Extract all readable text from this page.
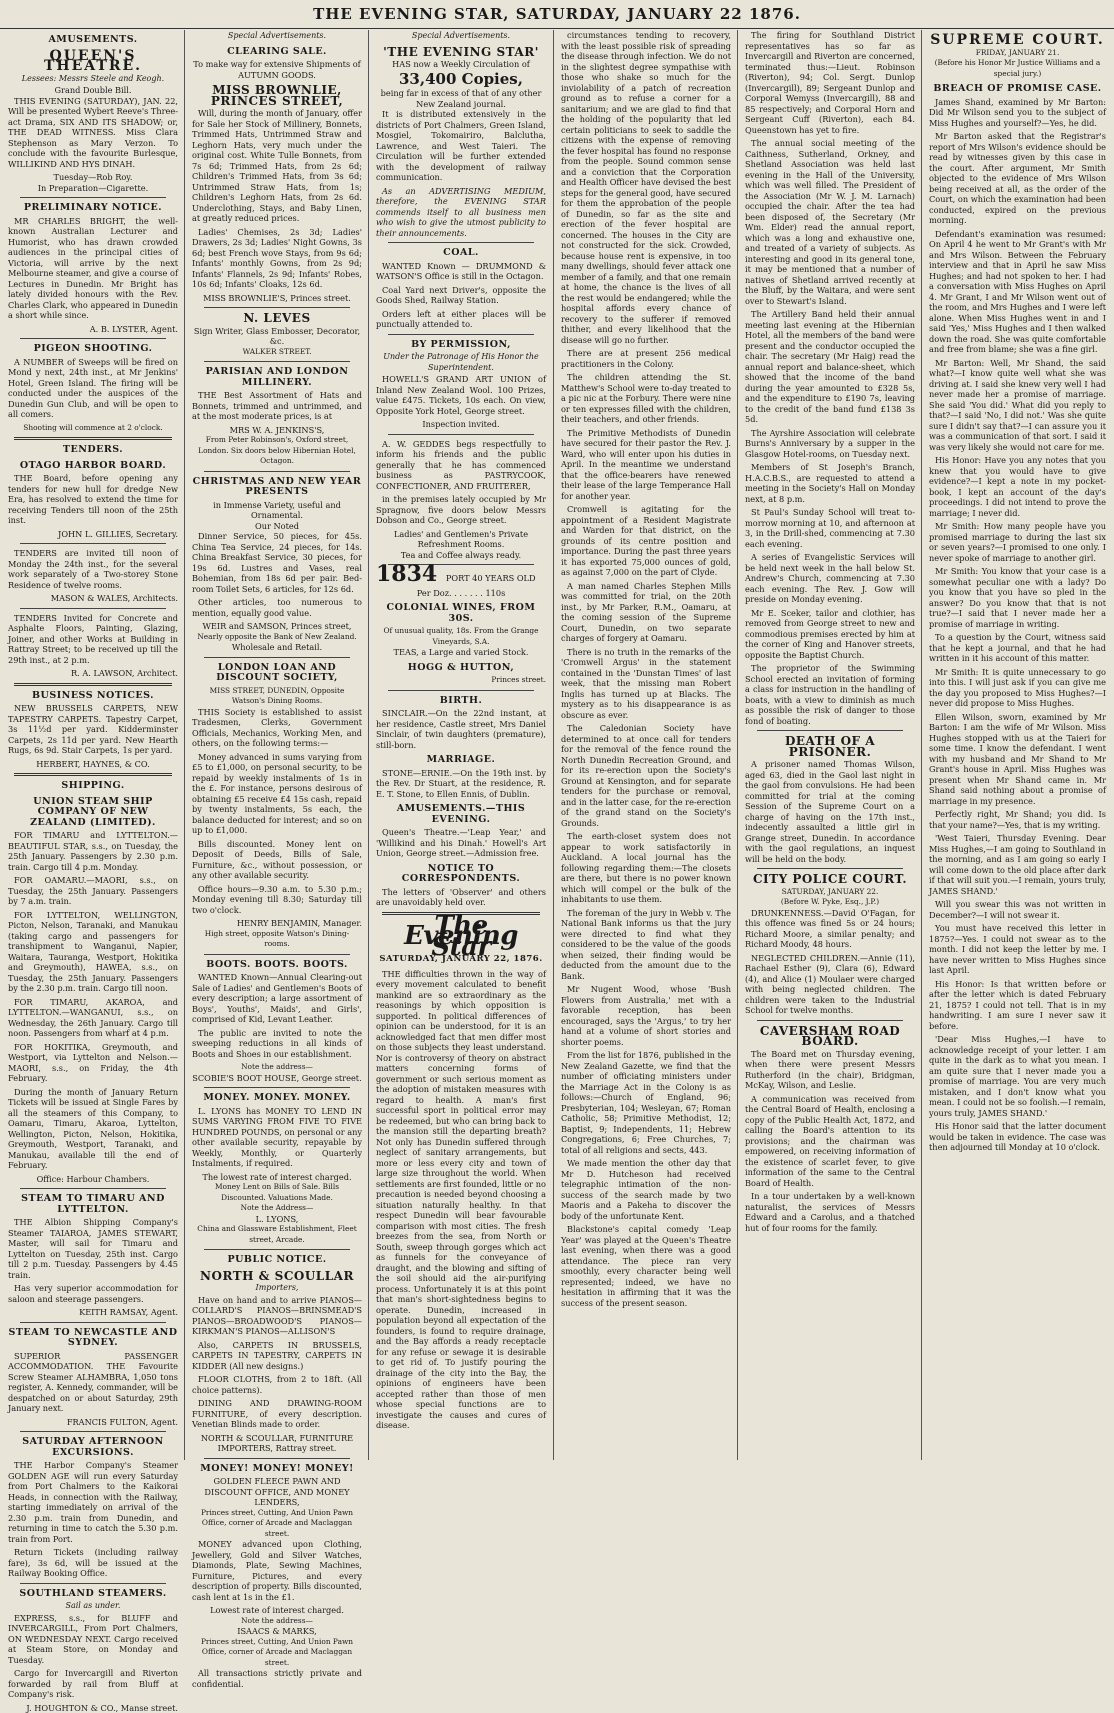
THE EVENING STAR, SATURDAY, JANUARY 22 1876.
AMUSEMENTS.
QUEEN'S THEATRE.
Lessees: Messrs Steele and Keogh.
Grand Double Bill.

THIS EVENING (SATURDAY), JAN. 22, Will be presented Wybert Reeve's Three-act Drama, SIX AND ITS SHADOW; or, THE DEAD WITNESS. Miss Clara Stephenson as Mary Verzon. To conclude with the favourite Burlesque, WILLIKIND AND HYS DINAH.

Tuesday—Rob Roy.
In Preparation—Cigarette.
PRELIMINARY NOTICE.

MR CHARLES BRIGHT, the well-known Australian Lecturer and Humorist, who has drawn crowded audiences in the principal cities of Victoria, will arrive by the next Melbourne steamer, and give a course of Lectures in Dunedin. Mr Bright has lately divided honours with the Rev. Charles Clark, who appeared in Dunedin a short while since.

A. B. LYSTER, Agent.
PIGEON SHOOTING.

A NUMBER of Sweeps will be fired on Mond y next, 24th inst., at Mr Jenkins' Hotel, Green Island. The firing will be conducted under the auspices of the Dunedin Gun Club, and will be open to all comers.

Shooting will commence at 2 o'clock.
TENDERS.
OTAGO HARBOR BOARD.

THE Board, before opening any tenders for new hull for dredge New Era, has resolved to extend the time for receiving Tenders till noon of the 25th inst.

JOHN L. GILLIES, Secretary.

TENDERS are invited till noon of Monday the 24th inst., for the several work separately of a Two-storey Stone Residence of twelve rooms.

MASON & WALES, Architects.

TENDERS Invited for Concrete and Asphalte Floors, Painting, Glazing, Joiner, and other Works at Building in Rattray Street; to be received up till the 29th inst., at 2 p.m.

R. A. LAWSON, Architect.
BUSINESS NOTICES.

NEW BRUSSELS CARPETS, NEW TAPESTRY CARPETS. Tapestry Carpet, 3s 11½d per yard. Kidderminster Carpets, 2s 11d per yard. New Hearth Rugs, 6s 9d. Stair Carpets, 1s per yard.

HERBERT, HAYNES, & CO.
SHIPPING.
UNION STEAM SHIP COMPANY OF NEW ZEALAND (LIMITED).

FOR TIMARU and LYTTELTON.—BEAUTIFUL STAR, s.s., on Tuesday, the 25th January. Passengers by 2.30 p.m. train. Cargo till 4 p.m. Monday.

FOR OAMARU.—MAORI, s.s., on Tuesday, the 25th January. Passengers by 7 a.m. train.

FOR LYTTELTON, WELLINGTON, Picton, Nelson, Taranaki, and Manukau (taking cargo and passengers for transhipment to Wanganui, Napier, Waitara, Tauranga, Westport, Hokitika and Greymouth), HAWEA, s.s., on Tuesday, the 25th January. Passengers by the 2.30 p.m. train. Cargo till noon.

FOR TIMARU, AKAROA, and LYTTELTON.—WANGANUI, s.s., on Wednesday, the 26th January. Cargo till noon. Passengers from wharf at 4 p.m.

FOR HOKITIKA, Greymouth, and Westport, via Lyttelton and Nelson.—MAORI, s.s., on Friday, the 4th February.

During the month of January Return Tickets will be issued at Single Fares by all the steamers of this Company, to Oamaru, Timaru, Akaroa, Lyttelton, Wellington, Picton, Nelson, Hokitika, Greymouth, Westport, Taranaki, and Manukau, available till the end of February.

Office: Harbour Chambers.
STEAM TO TIMARU AND LYTTELTON.

THE Albion Shipping Company's Steamer TAIAROA, JAMES STEWART, Master, will sail for Timaru and Lyttelton on Tuesday, 25th inst. Cargo till 2 p.m. Tuesday. Passengers by 4.45 train.

Has very superior accommodation for saloon and steerage passengers.

KEITH RAMSAY, Agent.
STEAM TO NEWCASTLE AND SYDNEY.

SUPERIOR PASSENGER ACCOMMODATION. THE Favourite Screw Steamer ALHAMBRA, 1,050 tons register, A. Kennedy, commander, will be despatched on or about Saturday, 29th January next.

FRANCIS FULTON, Agent.
SATURDAY AFTERNOON EXCURSIONS.

THE Harbor Company's Steamer GOLDEN AGE will run every Saturday from Port Chalmers to the Kaikorai Heads, in connection with the Railway, starting immediately on arrival of the 2.30 p.m. train from Dunedin, and returning in time to catch the 5.30 p.m. train from Port.

Return Tickets (including railway fare), 3s 6d, will be issued at the Railway Booking Office.

SOUTHLAND STEAMERS.
Sail as under.

EXPRESS, s.s., for BLUFF and INVERCARGILL, From Port Chalmers, ON WEDNESDAY NEXT. Cargo received at Steam Store, on Monday and Tuesday.

Cargo for Invercargill and Riverton forwarded by rail from Bluff at Company's risk.

J. HOUGHTON & CO., Manse street.
Special Advertisements.
CLEARING SALE.
To make way for extensive Shipments of AUTUMN GOODS.
MISS BROWNLIE, PRINCES STREET,

Will, during the month of January, offer for Sale her Stock of Millinery, Bonnets, Trimmed Hats, Untrimmed Straw and Leghorn Hats, very much under the original cost. White Tulle Bonnets, from 7s 6d; Trimmed Hats, from 2s 6d; Children's Trimmed Hats, from 3s 6d; Untrimmed Straw Hats, from 1s; Children's Leghorn Hats, from 2s 6d. Underclothing, Stays, and Baby Linen, at greatly reduced prices.

Ladies' Chemises, 2s 3d; Ladies' Drawers, 2s 3d; Ladies' Night Gowns, 3s 6d; best French wove Stays, from 9s 6d; Infants' monthly Gowns, from 2s 9d; Infants' Flannels, 2s 9d; Infants' Robes, 10s 6d; Infants' Cloaks, 12s 6d.

MISS BROWNLIE'S, Princes street.
N. LEVES
Sign Writer, Glass Embosser, Decorator, &c.
WALKER STREET.
PARISIAN AND LONDON MILLINERY.

THE Best Assortment of Hats and Bonnets, trimmed and untrimmed, and at the most moderate prices, is at

MRS W. A. JENKINS'S,
From Peter Robinson's, Oxford street, London. Six doors below Hibernian Hotel, Octagon.
CHRISTMAS AND NEW YEAR PRESENTS
in Immense Variety, useful and Ornamental.
Our Noted

Dinner Service, 50 pieces, for 45s. China Tea Service, 24 pieces, for 14s. China Breakfast Service, 30 pieces, for 19s 6d. Lustres and Vases, real Bohemian, from 18s 6d per pair. Bed-room Toilet Sets, 6 articles, for 12s 6d.

Other articles, too numerous to mention, equally good value.

WEIR and SAMSON, Princes street,
Nearly opposite the Bank of New Zealand.
Wholesale and Retail.
LONDON LOAN AND DISCOUNT SOCIETY,
MISS STREET, DUNEDIN, Opposite Watson's Dining Rooms.

THIS Society is established to assist Tradesmen, Clerks, Government Officials, Mechanics, Working Men, and others, on the following terms:—

Money advanced in sums varying from £5 to £1,000, on personal security, to be repaid by weekly instalments of 1s in the £. For instance, persons desirous of obtaining £5 receive £4 15s cash, repaid by twenty instalments, 5s each, the balance deducted for interest; and so on up to £1,000.

Bills discounted. Money lent on Deposit of Deeds, Bills of Sale, Furniture, &c., without possession, or any other available security.

Office hours—9.30 a.m. to 5.30 p.m.; Monday evening till 8.30; Saturday till two o'clock.

HENRY BENJAMIN, Manager.
High street, opposite Watson's Dining-rooms.
BOOTS. BOOTS. BOOTS.

WANTED Known—Annual Clearing-out Sale of Ladies' and Gentlemen's Boots of every description; a large assortment of Boys', Youths', Maids', and Girls', comprised of Kid, Levant Leather.

The public are invited to note the sweeping reductions in all kinds of Boots and Shoes in our establishment.

Note the address—
SCOBIE'S BOOT HOUSE, George street.
MONEY. MONEY. MONEY.

L. LYONS has MONEY TO LEND IN SUMS VARYING FROM FIVE TO FIVE HUNDRED POUNDS, on personal or any other available security, repayable by Weekly, Monthly, or Quarterly Instalments, if required.

The lowest rate of interest charged.
Money Lent on Bills of Sale. Bills Discounted. Valuations Made.
Note the Address—
L. LYONS,
China and Glassware Establishment, Fleet street, Arcade.
PUBLIC NOTICE.
NORTH & SCOULLAR
Importers,

Have on hand and to arrive PIANOS—COLLARD'S PIANOS—BRINSMEAD'S PIANOS—BROADWOOD'S PIANOS—KIRKMAN'S PIANOS—ALLISON'S

Also, CARPETS IN BRUSSELS, CARPETS IN TAPESTRY, CARPETS IN KIDDER (All new designs.)

FLOOR CLOTHS, from 2 to 18ft. (All choice patterns).

DINING AND DRAWING-ROOM FURNITURE, of every description. Venetian Blinds made to order.

NORTH & SCOULLAR, FURNITURE IMPORTERS, Rattray street.
MONEY! MONEY! MONEY!
GOLDEN FLEECE PAWN AND DISCOUNT OFFICE, AND MONEY LENDERS,
Princes street, Cutting, And Union Pawn Office, corner of Arcade and Maclaggan street.

MONEY advanced upon Clothing, Jewellery, Gold and Silver Watches, Diamonds, Plate, Sewing Machines, Furniture, Pictures, and every description of property. Bills discounted, cash lent at 1s in the £1.

Lowest rate of interest charged.
Note the address—
ISAACS & MARKS,
Princes street, Cutting, And Union Pawn Office, corner of Arcade and Maclaggan street.

All transactions strictly private and confidential.

Special Advertisements.
'THE EVENING STAR'
HAS now a Weekly Circulation of
33,400 Copies,
being far in excess of that of any other New Zealand journal.

It is distributed extensively in the districts of Port Chalmers, Green Island, Mosgiel, Tokomairiro, Balclutha, Lawrence, and West Taieri. The Circulation will be further extended with the development of railway communication.

As an ADVERTISING MEDIUM, therefore, the EVENING STAR commends itself to all business men who wish to give the utmost publicity to their announcements.

COAL.

WANTED Known — DRUMMOND & WATSON'S Office is still in the Octagon.

Coal Yard next Driver's, opposite the Goods Shed, Railway Station.

Orders left at either places will be punctually attended to.

BY PERMISSION,
Under the Patronage of His Honor the Superintendent.

HOWELL'S GRAND ART UNION of Inland New Zealand Wool. 100 Prizes, value £475. Tickets, 10s each. On view, Opposite York Hotel, George street.

Inspection invited.

A. W. GEDDES begs respectfully to inform his friends and the public generally that he has commenced business as PASTRYCOOK, CONFECTIONER, AND FRUITERER,

in the premises lately occupied by Mr Spragnow, five doors below Messrs Dobson and Co., George street.

Ladies' and Gentlemen's Private Refreshment Rooms.
Tea and Coffee always ready.
1834 PORT 40 YEARS OLD
Per Doz. . . . . . . 110s
COLONIAL WINES, FROM 30S.
Of unusual quality, 18s. From the Grange Vineyards, S.A.
TEAS, a Large and varied Stock.
HOGG & HUTTON,
Princes street.
BIRTH.

SINCLAIR.—On the 22nd instant, at her residence, Castle street, Mrs Daniel Sinclair, of twin daughters (premature), still-born.

MARRIAGE.

STONE—ERNIE.—On the 19th inst. by the Rev. Dr Stuart, at the residence, R. E. T. Stone, to Ellen Ennis, of Dublin.

AMUSEMENTS.—THIS EVENING.

Queen's Theatre.—'Leap Year,' and 'Willikind and his Dinah.' Howell's Art Union, George street.—Admission free.

NOTICE TO CORRESPONDENTS.

The letters of 'Observer' and others are unavoidably held over.

The Evening Star
SATURDAY, JANUARY 22, 1876.

THE difficulties thrown in the way of every movement calculated to benefit mankind are so extraordinary as the reasonings by which opposition is supported. In political differences of opinion can be understood, for it is an acknowledged fact that men differ most on those subjects they least understand. Nor is controversy of theory on abstract matters concerning forms of government or such serious moment as the adoption of mistaken measures with regard to health. A man's first successful sport in political error may be redeemed, but who can bring back to the mansion still the departing breath? Not only has Dunedin suffered through neglect of sanitary arrangements, but more or less every city and town of large size throughout the world. When settlements are first founded, little or no precaution is needed beyond choosing a situation naturally healthy. In that respect Dunedin will bear favourable comparison with most cities. The fresh breezes from the sea, from North or South, sweep through gorges which act as funnels for the conveyance of draught, and the blowing and sifting of the soil should aid the air-purifying process. Unfortunately it is at this point that man's short-sightedness begins to operate. Dunedin, increased in population beyond all expectation of the founders, is found to require drainage, and the Bay affords a ready receptacle for any refuse or sewage it is desirable to get rid of. To justify pouring the drainage of the city into the Bay, the opinions of engineers have been accepted rather than those of men whose special functions are to investigate the causes and cures of disease.

circumstances tending to recovery, with the least possible risk of spreading the disease through infection. We do not in the slightest degree sympathise with those who shake so much for the inviolability of a patch of recreation ground as to refuse a corner for a sanitarium; and we are glad to find that the holding of the popularity that led certain politicians to seek to saddle the citizens with the expense of removing the fever hospital has found no response from the people. Sound common sense and a conviction that the Corporation and Health Officer have devised the best steps for the general good, have secured for them the approbation of the people of Dunedin, so far as the site and erection of the fever hospital are concerned. The houses in the City are not constructed for the sick. Crowded, because house rent is expensive, in too many dwellings, should fever attack one member of a family, and that one remain at home, the chance is the lives of all the rest would be endangered; while the hospital affords every chance of recovery to the sufferer if removed thither, and every likelihood that the disease will go no further.

There are at present 256 medical practitioners in the Colony.

The children attending the St. Matthew's School were to-day treated to a pic nic at the Forbury. There were nine or ten expresses filled with the children, their teachers, and other friends.

The Primitive Methodists of Dunedin have secured for their pastor the Rev. J. Ward, who will enter upon his duties in April. In the meantime we understand that the office-bearers have renewed their lease of the large Temperance Hall for another year.

Cromwell is agitating for the appointment of a Resident Magistrate and Warden for that district, on the grounds of its centre position and importance. During the past three years it has exported 75,000 ounces of gold, as against 7,000 on the part of Clyde.

A man named Charles Stephen Mills was committed for trial, on the 20th inst., by Mr Parker, R.M., Oamaru, at the coming session of the Supreme Court, Dunedin, on two separate charges of forgery at Oamaru.

There is no truth in the remarks of the 'Cromwell Argus' in the statement contained in the 'Dunstan Times' of last week, that the missing man Robert Inglis has turned up at Blacks. The mystery as to his disappearance is as obscure as ever.

The Caledonian Society have determined to at once call for tenders for the removal of the fence round the North Dunedin Recreation Ground, and for its re-erection upon the Society's Ground at Kensington, and for separate tenders for the purchase or removal, and in the latter case, for the re-erection of the grand stand on the Society's Grounds.

The earth-closet system does not appear to work satisfactorily in Auckland. A local journal has the following regarding them:—The closets are there, but there is no power known which will compel or the bulk of the inhabitants to use them.

The foreman of the jury in Webb v. The National Bank informs us that the jury were directed to find what they considered to be the value of the goods when seized, their finding would be deducted from the amount due to the Bank.

Mr Nugent Wood, whose 'Bush Flowers from Australia,' met with a favorable reception, has been encouraged, says the 'Argus,' to try her hand at a volume of short stories and shorter poems.

From the list for 1876, published in the New Zealand Gazette, we find that the number of officiating ministers under the Marriage Act in the Colony is as follows:—Church of England, 96; Presbyterian, 104; Wesleyan, 67; Roman Catholic, 58; Primitive Methodist, 12; Baptist, 9; Independents, 11; Hebrew Congregations, 6; Free Churches, 7; total of all religions and sects, 443.

We made mention the other day that Mr D. Hutcheson had received telegraphic intimation of the non-success of the search made by two Maoris and a Pakeha to discover the body of the unfortunate Kent.

Blackstone's capital comedy 'Leap Year' was played at the Queen's Theatre last evening, when there was a good attendance. The piece ran very smoothly, every character being well represented; indeed, we have no hesitation in affirming that it was the success of the present season.

The firing for Southland District representatives has so far as Invercargill and Riverton are concerned, terminated thus:—Lieut. Robinson (Riverton), 94; Col. Sergt. Dunlop (Invercargill), 89; Sergeant Dunlop and Corporal Wemyss (Invercargill), 88 and 85 respectively; and Corporal Horn and Sergeant Cuff (Riverton), each 84. Queenstown has yet to fire.

The annual social meeting of the Caithness, Sutherland, Orkney, and Shetland Association was held last evening in the Hall of the University, which was well filled. The President of the Association (Mr W. J. M. Larnach) occupied the chair. After the tea had been disposed of, the Secretary (Mr Wm. Elder) read the annual report, which was a long and exhaustive one, and treated of a variety of subjects. As interesting and good in its general tone, it may be mentioned that a number of natives of Shetland arrived recently at the Bluff, by the Waitara, and were sent over to Stewart's Island.

The Artillery Band held their annual meeting last evening at the Hibernian Hotel, all the members of the band were present and the conductor occupied the chair. The secretary (Mr Haig) read the annual report and balance-sheet, which showed that the income of the band during the year amounted to £328 5s, and the expenditure to £190 7s, leaving to the credit of the band fund £138 3s 5d.

The Ayrshire Association will celebrate Burns's Anniversary by a supper in the Glasgow Hotel-rooms, on Tuesday next.

Members of St Joseph's Branch, H.A.C.B.S., are requested to attend a meeting in the Society's Hall on Monday next, at 8 p.m.

St Paul's Sunday School will treat to-morrow morning at 10, and afternoon at 3, in the Drill-shed, commencing at 7.30 each evening.

A series of Evangelistic Services will be held next week in the hall below St. Andrew's Church, commencing at 7.30 each evening. The Rev. J. Gow will preside on Monday evening.

Mr E. Sceker, tailor and clothier, has removed from George street to new and commodious premises erected by him at the corner of King and Hanover streets, opposite the Baptist Church.

The proprietor of the Swimming School erected an invitation of forming a class for instruction in the handling of boats, with a view to diminish as much as possible the risk of danger to those fond of boating.

DEATH OF A PRISONER.

A prisoner named Thomas Wilson, aged 63, died in the Gaol last night in the gaol from convulsions. He had been committed for trial at the coming Session of the Supreme Court on a charge of having on the 17th inst., indecently assaulted a little girl in Grange street, Dunedin. In accordance with the gaol regulations, an inquest will be held on the body.

CITY POLICE COURT.
SATURDAY, JANUARY 22.
(Before W. Pyke, Esq., J.P.)

DRUNKENNESS.—David O'Fagan, for this offence was fined 5s or 24 hours; Richard Moore, a similar penalty; and Richard Moody, 48 hours.

NEGLECTED CHILDREN.—Annie (11), Rachael Esther (9), Clara (6), Edward (4), and Alice (1) Moulaer were charged with being neglected children. The children were taken to the Industrial School for twelve months.

CAVERSHAM ROAD BOARD.

The Board met on Thursday evening, when there were present Messrs Rutherford (in the chair), Bridgman, McKay, Wilson, and Leslie.

A communication was received from the Central Board of Health, enclosing a copy of the Public Health Act, 1872, and calling the Board's attention to its provisions; and the chairman was empowered, on receiving information of the existence of scarlet fever, to give information of the same to the Central Board of Health.

In a tour undertaken by a well-known naturalist, the services of Messrs Edward and a Carolus, and a thatched hut of four rooms for the family.

SUPREME COURT.
FRIDAY, JANUARY 21.
(Before his Honor Mr Justice Williams and a special jury.)
BREACH OF PROMISE CASE.

James Shand, examined by Mr Barton: Did Mr Wilson send you to the subject of Miss Hughes and yourself?—Yes, he did.

Mr Barton asked that the Registrar's report of Mrs Wilson's evidence should be read by witnesses given by this case in the court. After argument, Mr Smith objected to the evidence of Mrs Wilson being received at all, as the order of the Court, on which the examination had been conducted, expired on the previous morning.

Defendant's examination was resumed: On April 4 he went to Mr Grant's with Mr and Mrs Wilson. Between the February interview and that in April he saw Miss Hughes; and had not spoken to her. I had a conversation with Miss Hughes on April 4. Mr Grant, I and Mr Wilson went out of the room, and Mrs Hughes and I were left alone. When Miss Hughes went in and I said 'Yes,' Miss Hughes and I then walked down the road. She was quite comfortable and free from blame; she was a fine girl.

Mr Barton: Well, Mr Shand, the said what?—I know quite well what she was driving at. I said she knew very well I had never made her a promise of marriage. She said 'You did.' What did you reply to that?—I said 'No, I did not.' Was she quite sure I didn't say that?—I can assure you it was a communication of that sort. I said it was very likely she would not care for me.

His Honor: Have you any notes that you knew that you would have to give evidence?—I kept a note in my pocket-book, I kept an account of the day's proceedings. I did not intend to prove the marriage; I never did.

Mr Smith: How many people have you promised marriage to during the last six or seven years?—I promised to one only. I never spoke of marriage to another girl.

Mr Smith: You know that your case is a somewhat peculiar one with a lady? Do you know that you have so pled in the answer? Do you know that that is not true?—I said that I never made her a promise of marriage in writing.

To a question by the Court, witness said that he kept a journal, and that he had written in it his account of this matter.

Mr Smith: It is quite unnecessary to go into this. I will just ask if you can give me the day you proposed to Miss Hughes?—I never did propose to Miss Hughes.

Ellen Wilson, sworn, examined by Mr Barton: I am the wife of Mr Wilson. Miss Hughes stopped with us at the Taieri for some time. I know the defendant. I went with my husband and Mr Shand to Mr Grant's house in April. Miss Hughes was present when Mr Shand came in. Mr Shand said nothing about a promise of marriage in my presence.

Perfectly right, Mr Shand; you did. Is that your name?—Yes, that is my writing.

'West Taieri, Thursday Evening. Dear Miss Hughes,—I am going to Southland in the morning, and as I am going so early I will come down to the old place after dark if that will suit you.—I remain, yours truly, JAMES SHAND.'

Will you swear this was not written in December?—I will not swear it.

You must have received this letter in 1875?—Yes. I could not swear as to the month. I did not keep the letter by me. I have never written to Miss Hughes since last April.

His Honor: Is that written before or after the letter which is dated February 21, 1875? I could not tell. That is in my handwriting. I am sure I never saw it before.

'Dear Miss Hughes,—I have to acknowledge receipt of your letter. I am quite in the dark as to what you mean. I am quite sure that I never made you a promise of marriage. You are very much mistaken, and I don't know what you mean. I could not be so foolish.—I remain, yours truly, JAMES SHAND.'

His Honor said that the latter document would be taken in evidence. The case was then adjourned till Monday at 10 o'clock.
